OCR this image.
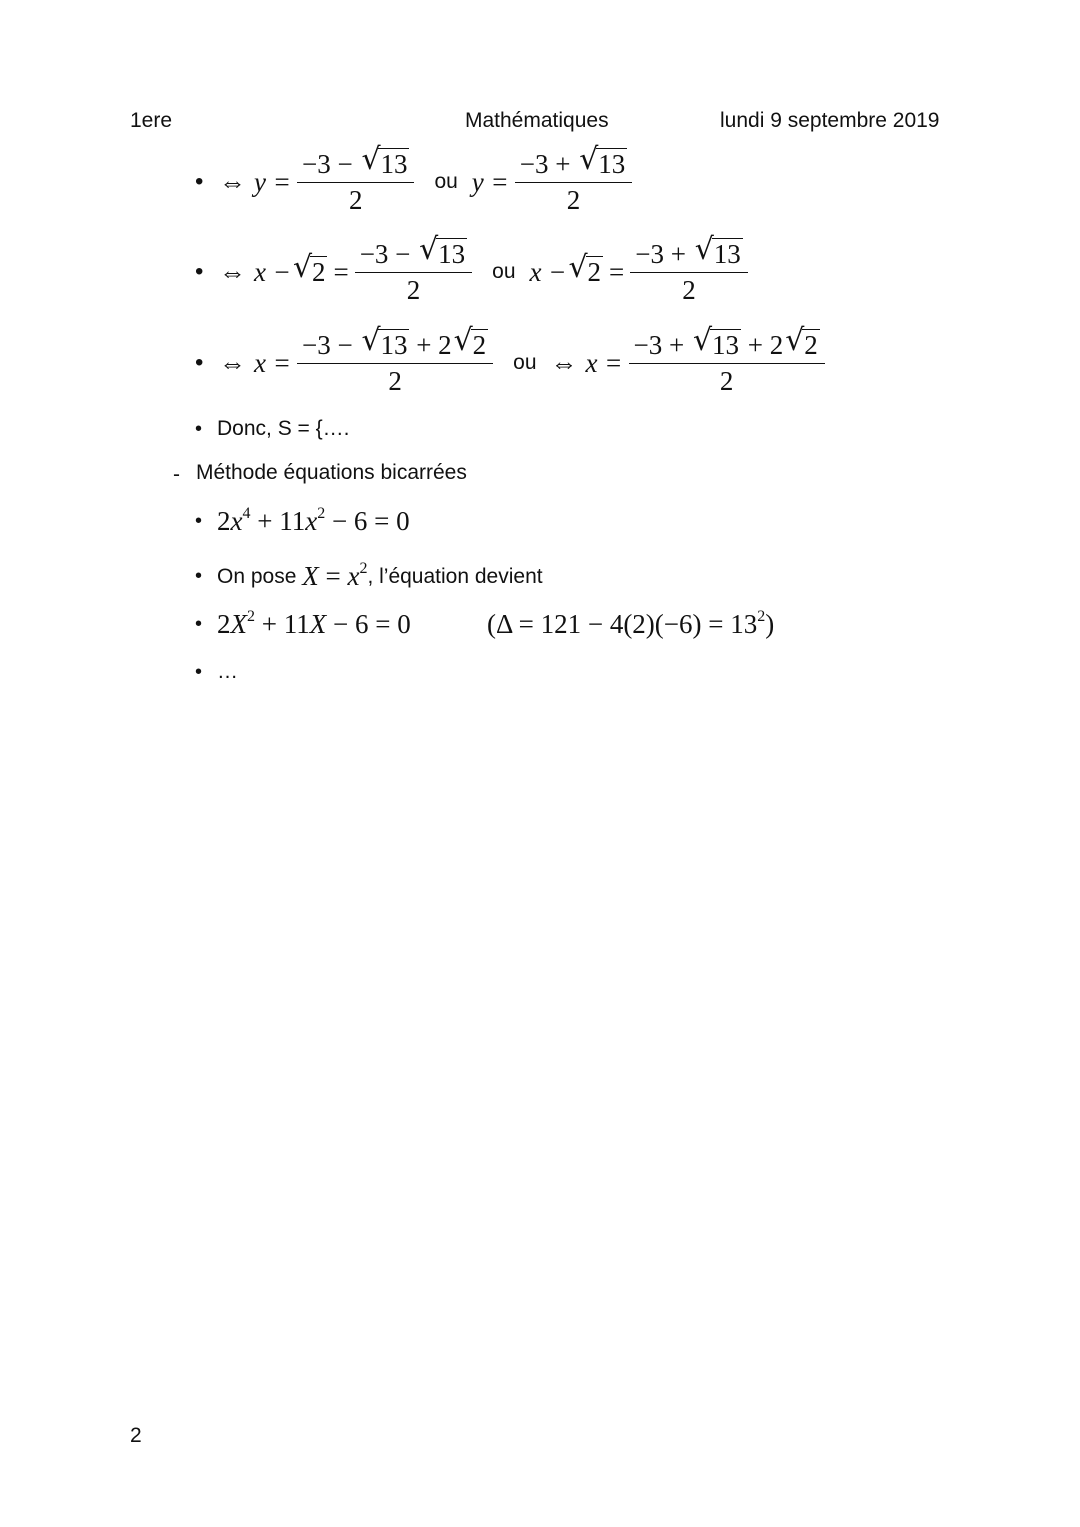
1ere	Mathématiques	lundi 9 septembre 2019
• ⇔ $y = \frac{-3 - √ 13}{2}$ ou $y = \frac{-3 + √ 13}{2}$
• ⇔ x − √ $2 = \frac{-3 - √ 13}{2}$ ou x − √ $2 = \frac{-3 + √ 13}{2}$
• ⇔ $x = \frac{-3 - √ 13 + 2 √ 2}{2}$ ou ⇔ $x = \frac{-3 + √ 13 + 2 √ 2}{2}$
• Donc, S = {….
- Méthode équations bicarrées
• $2x^4 + 11x^2 - 6 = 0$
• On pose $X = x^2$ , l’équation devient
• $2X^2 + 11X - 6 = 0$	$(\Delta = 121 - 4(2)(-6) = 13^2)$
• …
2
